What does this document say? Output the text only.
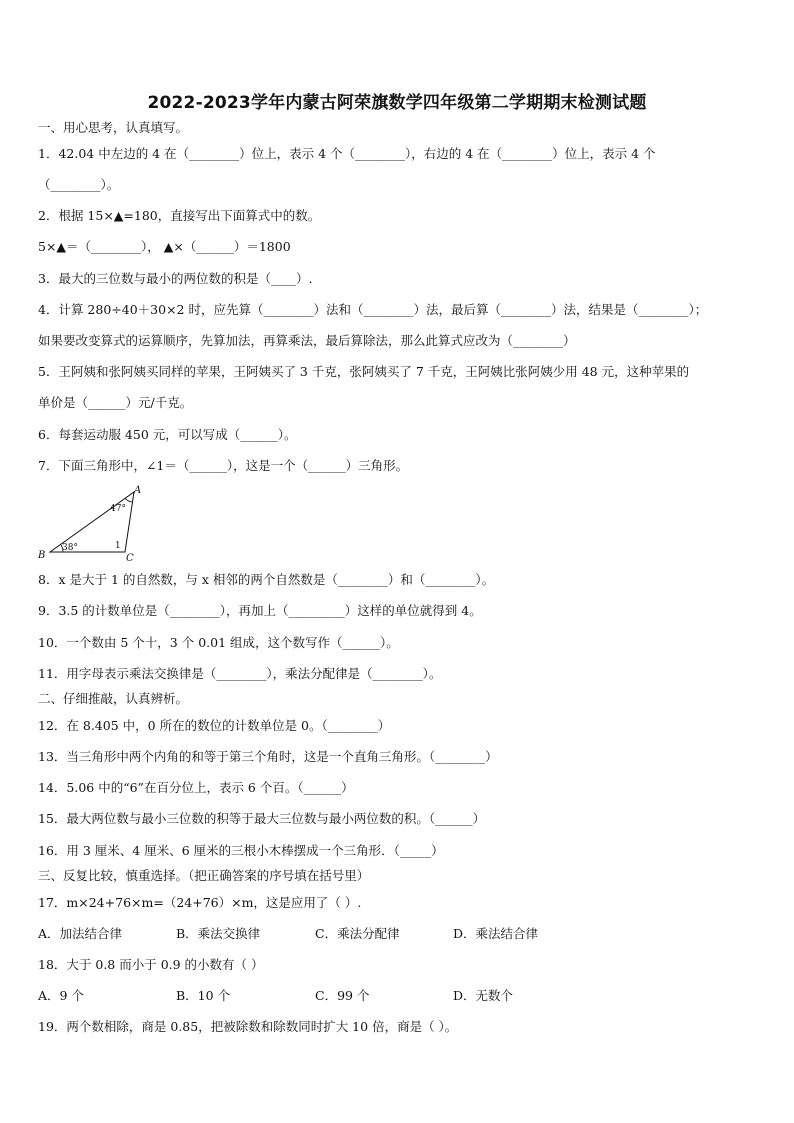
2022-2023学年内蒙古阿荣旗数学四年级第二学期期末检测试题
一、用心思考，认真填写。
1．42.04 中左边的 4 在（________）位上，表示 4 个（________），右边的 4 在（________）位上，表示 4 个
（________）。
2．根据 15×▲=180，直接写出下面算式中的数。
5×▲＝（________）， ▲×（______）＝1800
3．最大的三位数与最小的两位数的积是（____）.
4．计算 280÷40＋30×2 时，应先算（________）法和（________）法，最后算（________）法，结果是（________）；
如果要改变算式的运算顺序，先算加法，再算乘法，最后算除法，那么此算式应改为（________）
5．王阿姨和张阿姨买同样的苹果，王阿姨买了 3 千克，张阿姨买了 7 千克，王阿姨比张阿姨少用 48 元，这种苹果的
单价是（______）元/千克。
6．每套运动服 450 元，可以写成（______）。
7．下面三角形中，∠1＝（______），这是一个（______）三角形。
A
B	C
47°
38°	1
8．x 是大于 1 的自然数，与 x 相邻的两个自然数是（________）和（________）。
9．3.5 的计数单位是（________），再加上（_________）这样的单位就得到 4。
10．一个数由 5 个十，3 个 0.01 组成，这个数写作（______）。
11．用字母表示乘法交换律是（________），乘法分配律是（________）。
二、仔细推敲，认真辨析。
12．在 8.405 中，0 所在的数位的计数单位是 0。（________）
13．当三角形中两个内角的和等于第三个角时，这是一个直角三角形。（________）
14．5.06 中的“6”在百分位上，表示 6 个百。（______）
15．最大两位数与最小三位数的积等于最大三位数与最小两位数的积。（______）
16．用 3 厘米、4 厘米、6 厘米的三根小木棒摆成一个三角形．（_____）
三、反复比较，慎重选择。（把正确答案的序号填在括号里）
17．m×24+76×m=（24+76）×m，这是应用了（ ）.
A．加法结合律	B．乘法交换律	C．乘法分配律	D．乘法结合律
18．大于 0.8 而小于 0.9 的小数有（ ）
A．9 个	B．10 个	C．99 个	D．无数个
19．两个数相除，商是 0.85，把被除数和除数同时扩大 10 倍，商是（ ）。
